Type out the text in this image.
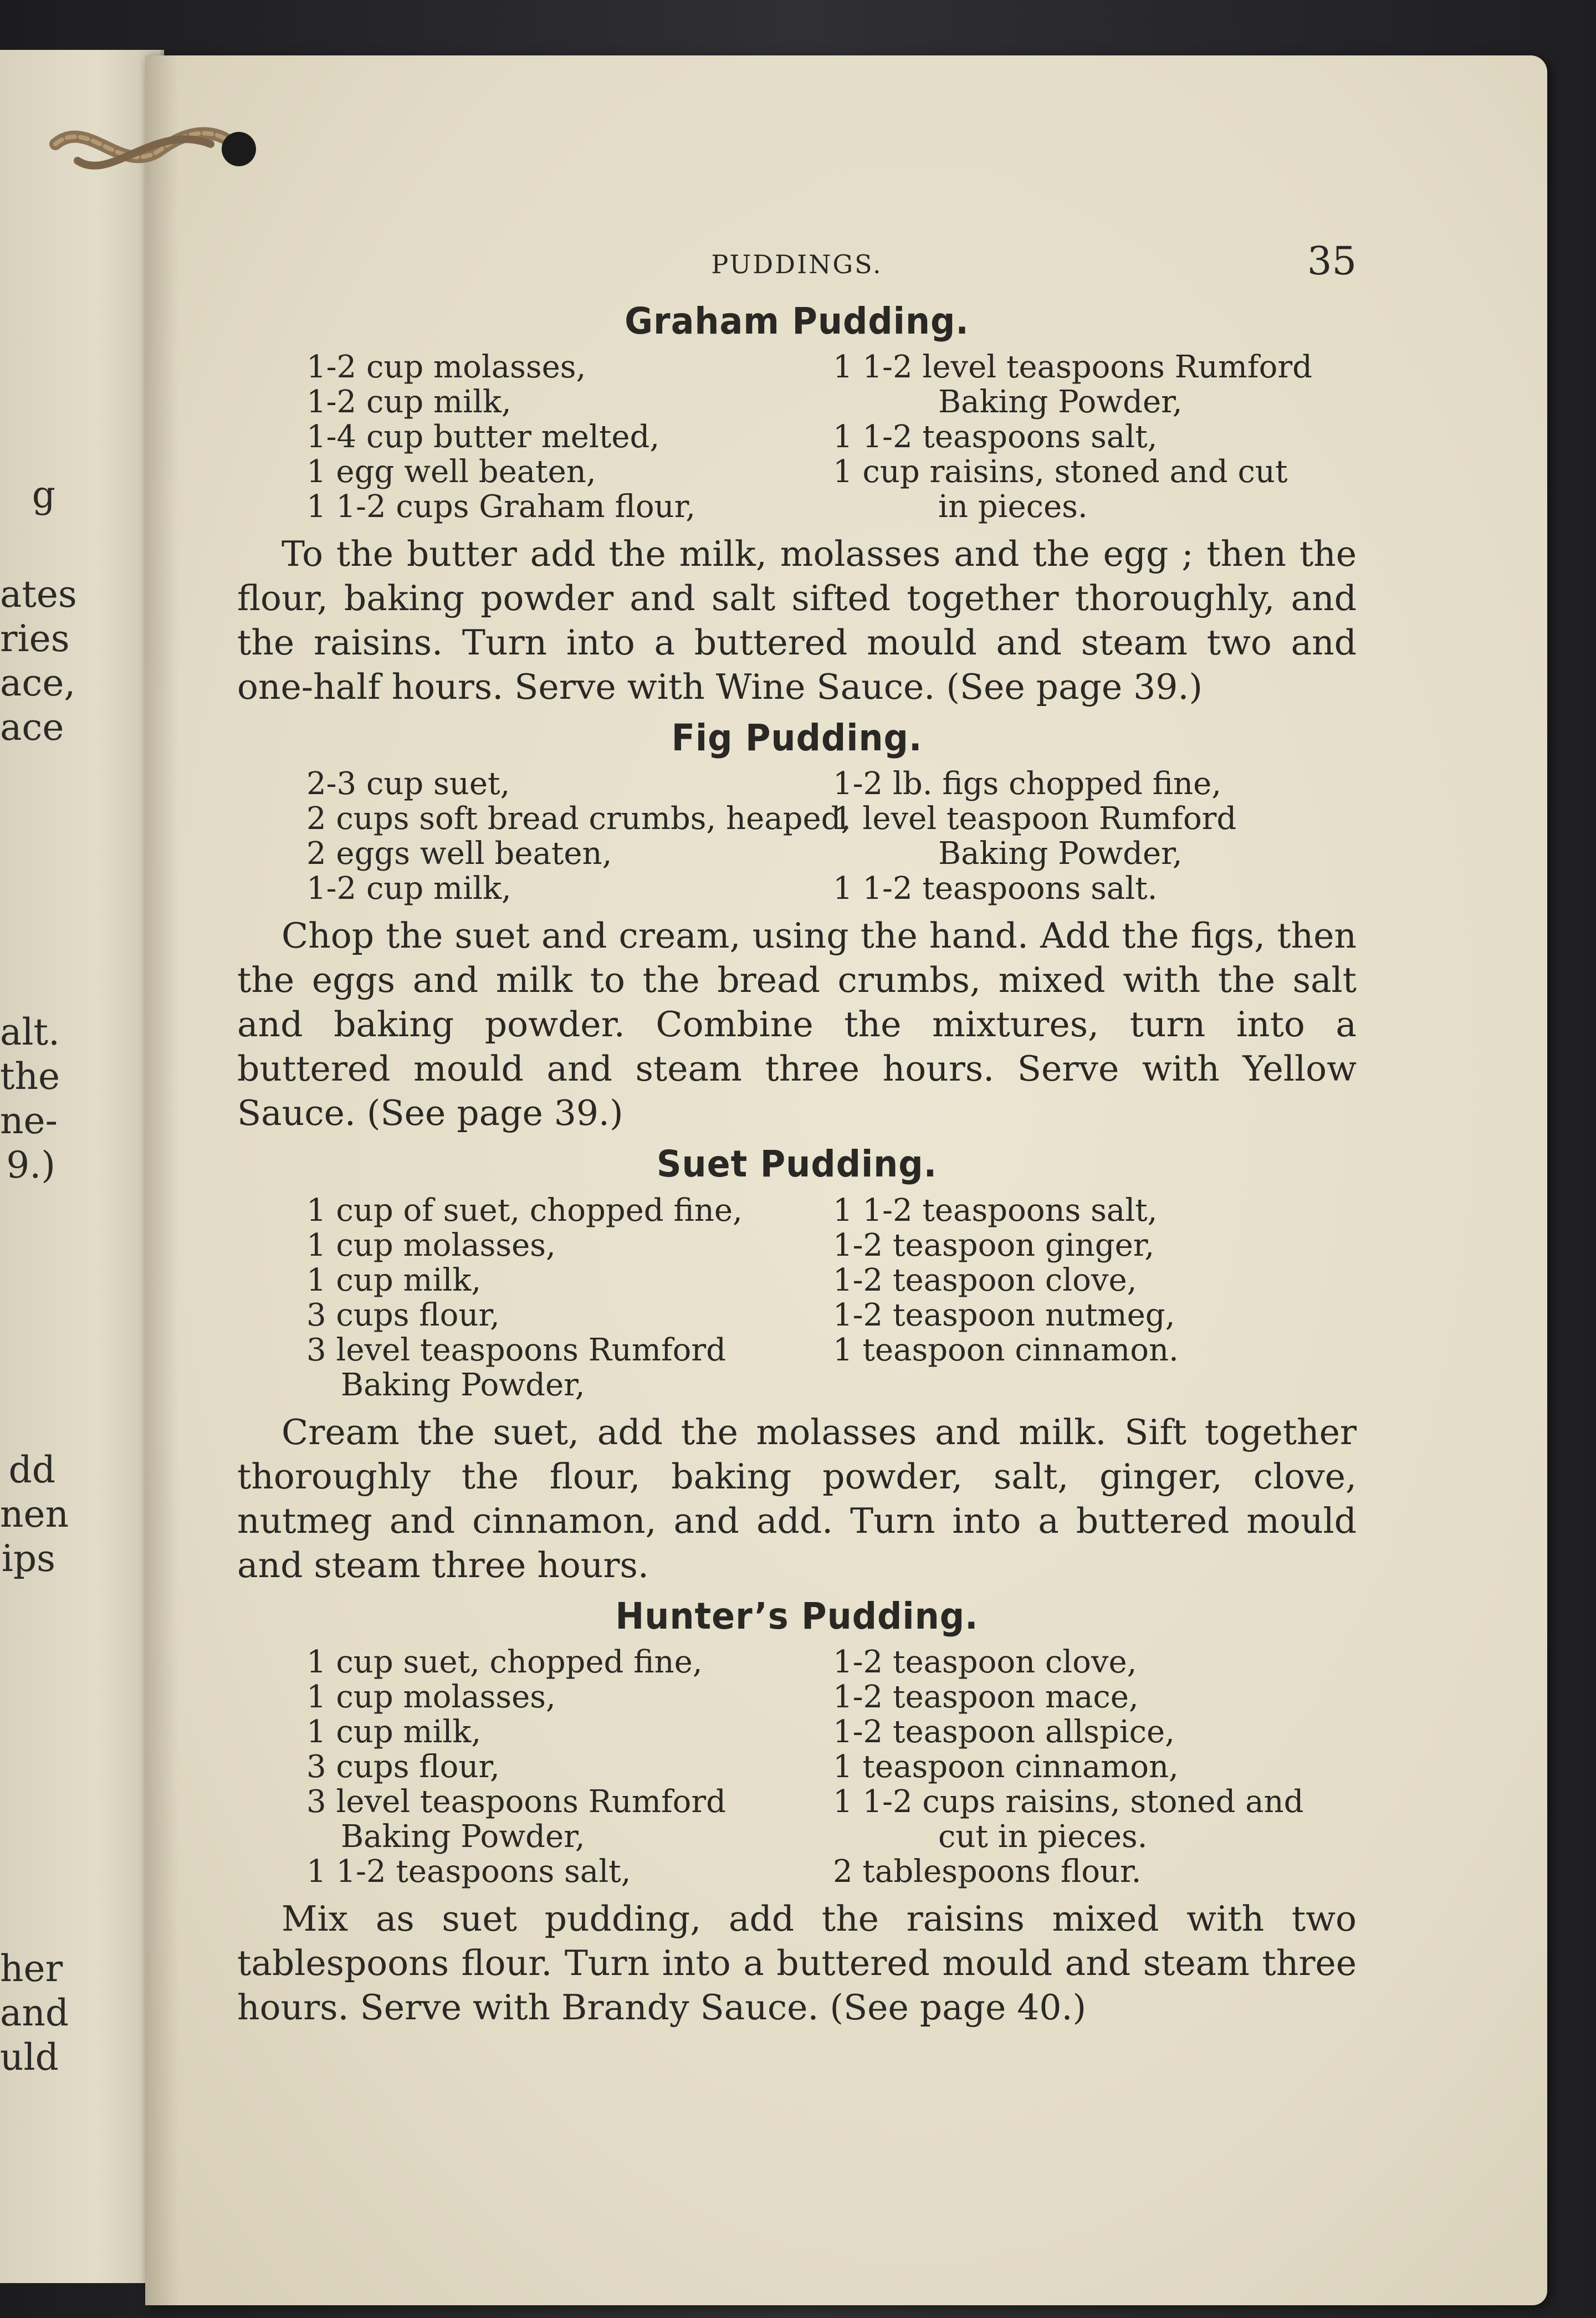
g
ates
ries
ace,
ace
alt.
the
ne-
9.)
dd
nen
ips
her
and
uld
PUDDINGS.	35
Graham Pudding.
1-2 cup molasses,
1-2 cup milk,
1-4 cup butter melted,
1 egg well beaten,
1 1-2 cups Graham flour,
1 1-2 level teaspoons Rumford
Baking Powder,
1 1-2 teaspoons salt,
1 cup raisins, stoned and cut
in pieces.

To the butter add the milk, molasses and the egg ; then the flour, baking powder and salt sifted together thoroughly, and the raisins. Turn into a buttered mould and steam two and one-half hours. Serve with Wine Sauce. (See page 39.)

Fig Pudding.
2-3 cup suet,
2 cups soft bread crumbs, heaped,
2 eggs well beaten,
1-2 cup milk,
1-2 lb. figs chopped fine,
1 level teaspoon Rumford
Baking Powder,
1 1-2 teaspoons salt.

Chop the suet and cream, using the hand. Add the figs, then the eggs and milk to the bread crumbs, mixed with the salt and baking powder. Combine the mixtures, turn into a buttered mould and steam three hours. Serve with Yellow Sauce. (See page 39.)

Suet Pudding.
1 cup of suet, chopped fine,
1 cup molasses,
1 cup milk,
3 cups flour,
3 level teaspoons Rumford
Baking Powder,
1 1-2 teaspoons salt,
1-2 teaspoon ginger,
1-2 teaspoon clove,
1-2 teaspoon nutmeg,
1 teaspoon cinnamon.

Cream the suet, add the molasses and milk. Sift together thoroughly the flour, baking powder, salt, ginger, clove, nutmeg and cinnamon, and add. Turn into a buttered mould and steam three hours.

Hunter’s Pudding.
1 cup suet, chopped fine,
1 cup molasses,
1 cup milk,
3 cups flour,
3 level teaspoons Rumford
Baking Powder,
1 1-2 teaspoons salt,
1-2 teaspoon clove,
1-2 teaspoon mace,
1-2 teaspoon allspice,
1 teaspoon cinnamon,
1 1-2 cups raisins, stoned and
cut in pieces.
2 tablespoons flour.

Mix as suet pudding, add the raisins mixed with two tablespoons flour. Turn into a buttered mould and steam three hours. Serve with Brandy Sauce. (See page 40.)
